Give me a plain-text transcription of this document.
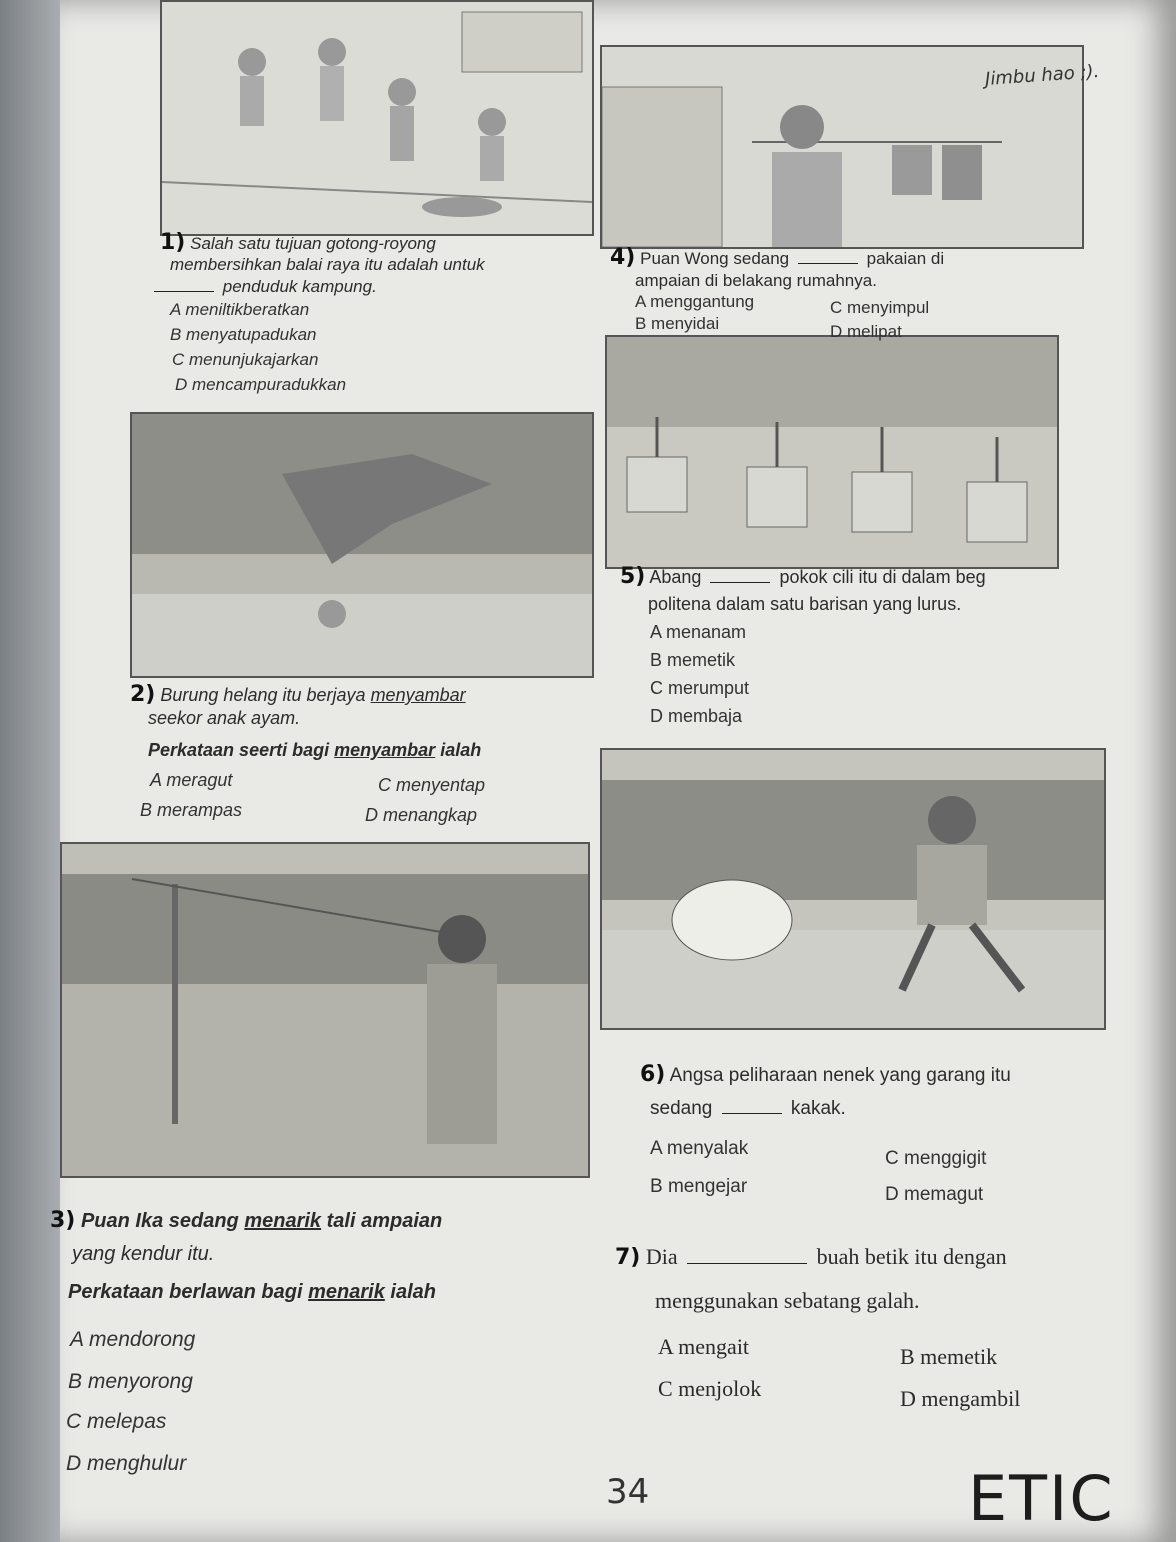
1) Salah satu tujuan gotong-royong
membersihkan balai raya itu adalah untuk
penduduk kampung.
A meniltikberatkan
B menyatupadukan
C menunjukajarkan
D mencampuradukkan
4) Puan Wong sedang	pakaian di
ampaian di belakang rumahnya.
A menggantung	C menyimpul
B menyidai	D melipat
5) Abang	pokok cili itu di dalam beg
politena dalam satu barisan yang lurus.
A menanam
B memetik
C merumput
D membaja
2) Burung helang itu berjaya menyambar
seekor anak ayam.
Perkataan seerti bagi menyambar ialah
A meragut	C menyentap
B merampas	D menangkap
6) Angsa peliharaan nenek yang garang itu
sedang	kakak.
A menyalak	C menggigit
B mengejar	D memagut
3) Puan Ika sedang menarik tali ampaian
yang kendur itu.
Perkataan berlawan bagi menarik ialah
A mendorong
B menyorong
C melepas
D menghulur
7) Dia	buah betik itu dengan
menggunakan sebatang galah.
A mengait	B memetik
C menjolok	D mengambil
Jimbu hao ;).
34	ETIC
